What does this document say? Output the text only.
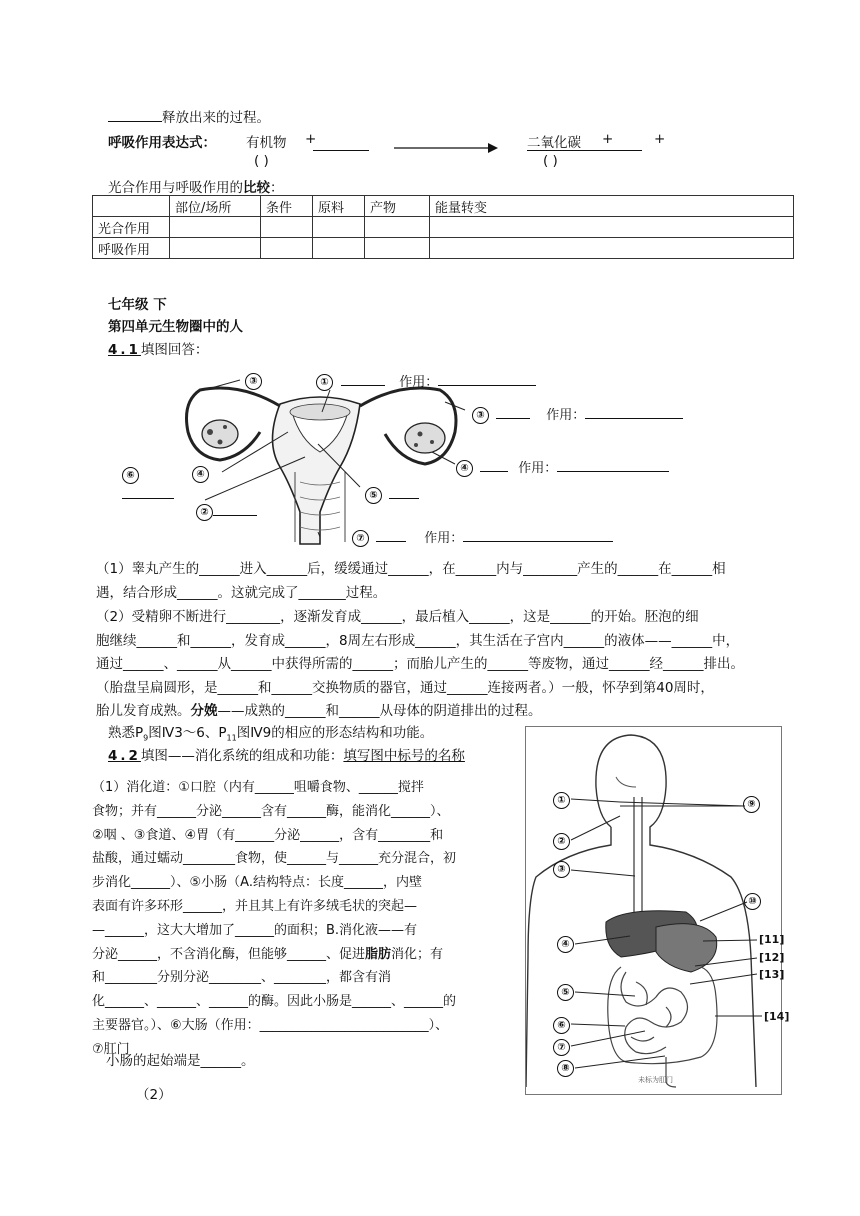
释放出来的过程。
呼吸作用表达式： 有机物 +
( )
二氧化碳 +	+
( )
光合作用与呼吸作用的比较：
	部位/场所	条件	原料	产物	能量转变
光合作用					
呼吸作用					
七年级 下
第四单元生物圈中的人
4.1填图回答：
③	①	作用：
③	作用：
④
④	作用：
⑥

⑤
②
⑦	作用：

（1）睾丸产生的______进入______后，缓缓通过______，在______内与________产生的______在______相

遇，结合形成______。这就完成了_______过程。

（2）受精卵不断进行________，逐渐发育成______，最后植入______，这是______的开始。胚泡的细

胞继续______和______，发育成______，8周左右形成______，其生活在子宫内______的液体——______中，

通过______、______从______中获得所需的______；而胎儿产生的______等废物，通过______经______排出。

（胎盘呈扁圆形，是______和______交换物质的器官，通过______连接两者。）一般，怀孕到第40周时，

胎儿发育成熟。分娩——成熟的______和______从母体的阴道排出的过程。

熟悉$P_9$图Ⅳ3～6、$P_{11}$图Ⅳ9的相应的形态结构和功能。
4.2填图——消化系统的组成和功能：填写图中标号的名称

（1）消化道：①口腔（内有______咀嚼食物、______搅拌

食物；并有______分泌______含有______酶，能消化______）、

②咽 、③食道、④胃（有______分泌______，含有________和

盐酸，通过蠕动________食物，使______与______充分混合，初

步消化______）、⑤小肠（A.结构特点：长度______，内壁

表面有许多环形______，并且其上有许多绒毛状的突起—

—______，这大大增加了______的面积；B.消化液——有

分泌______，不含消化酶，但能够______、促进脂肪消化；有

和________分别分泌________、________，都含有消

化______、______、______的酶。因此小肠是______、______的

主要器官。）、⑥大肠（作用：__________________________）、

⑦肛门

小肠的起始端是______。
（2）
未标为肛门
①
②
③
④
⑤
⑥
⑦
⑧
⑨
⑩
[11]
[12]
[13]
[14]
